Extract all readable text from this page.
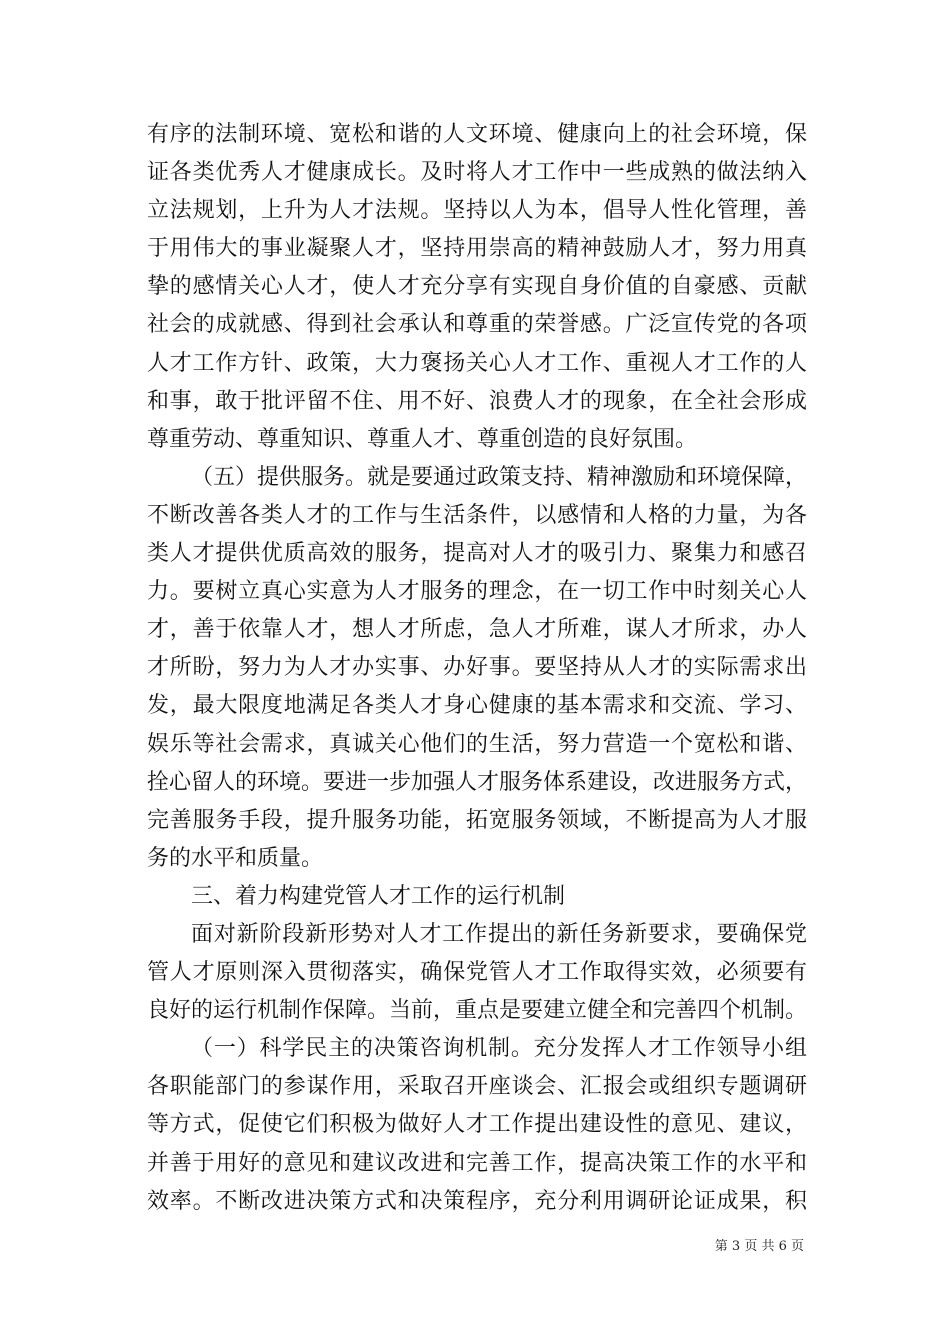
有序的法制环境、宽松和谐的人文环境、健康向上的社会环境，保
证各类优秀人才健康成长。及时将人才工作中一些成熟的做法纳入
立法规划，上升为人才法规。坚持以人为本，倡导人性化管理，善
于用伟大的事业凝聚人才，坚持用崇高的精神鼓励人才，努力用真
挚的感情关心人才，使人才充分享有实现自身价值的自豪感、贡献
社会的成就感、得到社会承认和尊重的荣誉感。广泛宣传党的各项
人才工作方针、政策，大力褒扬关心人才工作、重视人才工作的人
和事，敢于批评留不住、用不好、浪费人才的现象，在全社会形成
尊重劳动、尊重知识、尊重人才、尊重创造的良好氛围。
（五）提供服务。就是要通过政策支持、精神激励和环境保障，
不断改善各类人才的工作与生活条件，以感情和人格的力量，为各
类人才提供优质高效的服务，提高对人才的吸引力、聚集力和感召
力。要树立真心实意为人才服务的理念，在一切工作中时刻关心人
才，善于依靠人才，想人才所虑，急人才所难，谋人才所求，办人
才所盼，努力为人才办实事、办好事。要坚持从人才的实际需求出
发，最大限度地满足各类人才身心健康的基本需求和交流、学习、
娱乐等社会需求，真诚关心他们的生活，努力营造一个宽松和谐、
拴心留人的环境。要进一步加强人才服务体系建设，改进服务方式，
完善服务手段，提升服务功能，拓宽服务领域，不断提高为人才服
务的水平和质量。
三、着力构建党管人才工作的运行机制
面对新阶段新形势对人才工作提出的新任务新要求，要确保党
管人才原则深入贯彻落实，确保党管人才工作取得实效，必须要有
良好的运行机制作保障。当前，重点是要建立健全和完善四个机制。
（一）科学民主的决策咨询机制。充分发挥人才工作领导小组
各职能部门的参谋作用，采取召开座谈会、汇报会或组织专题调研
等方式，促使它们积极为做好人才工作提出建设性的意见、建议，
并善于用好的意见和建议改进和完善工作，提高决策工作的水平和
效率。不断改进决策方式和决策程序，充分利用调研论证成果，积
第 3 页 共 6 页
